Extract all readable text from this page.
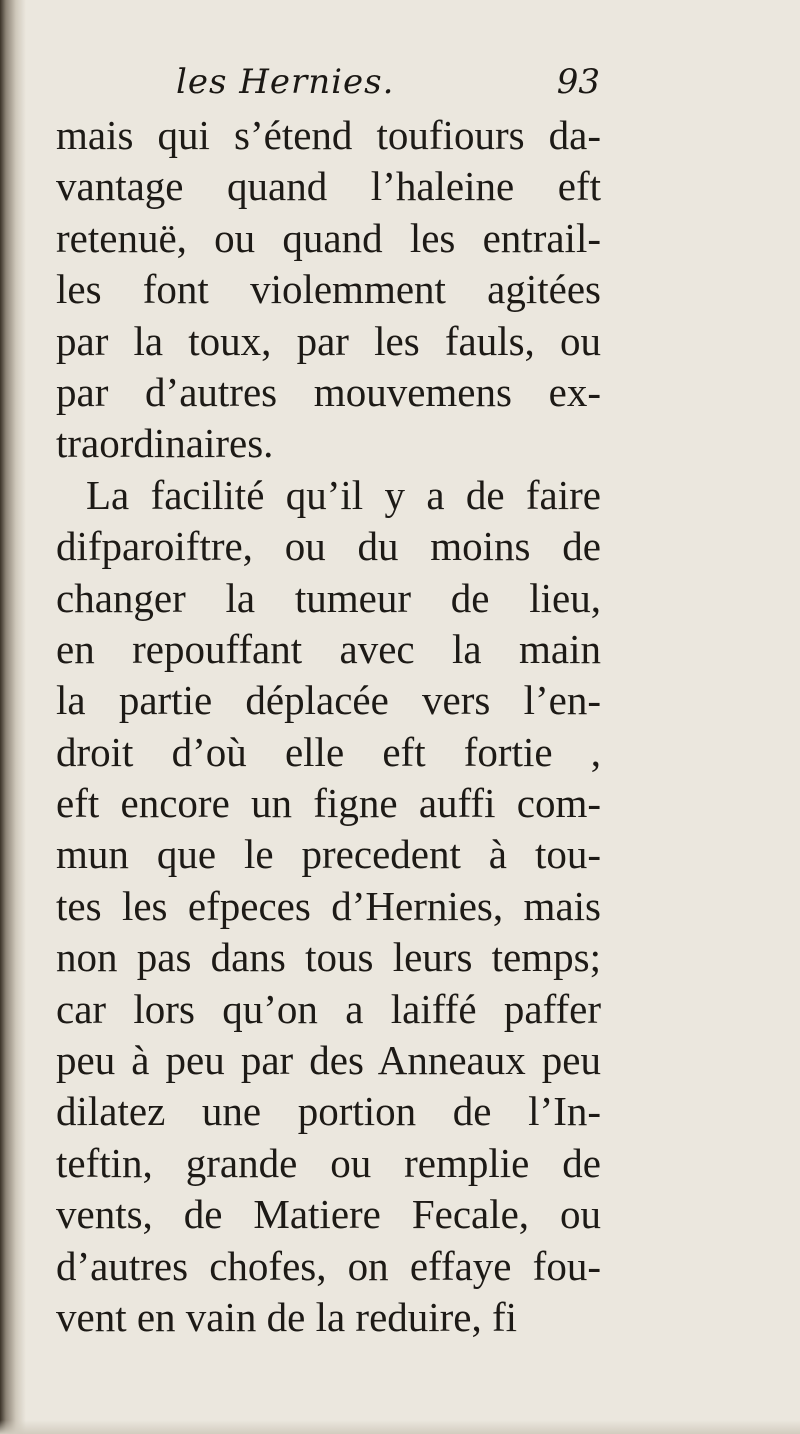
les Hernies.	93
mais qui s’étend toufiours da-
vantage quand l’haleine eft
retenuë, ou quand les entrail-
les font violemment agitées
par la toux, par les fauls, ou
par d’autres mouvemens ex-
traordinaires.
La facilité qu’il y a de faire
difparoiftre, ou du moins de
changer la tumeur de lieu,
en repouffant avec la main
la partie déplacée vers l’en-
droit d’où elle eft fortie ,
eft encore un figne auffi com-
mun que le precedent à tou-
tes les efpeces d’Hernies, mais
non pas dans tous leurs temps;
car lors qu’on a laiffé paffer
peu à peu par des Anneaux peu
dilatez une portion de l’In-
teftin, grande ou remplie de
vents, de Matiere Fecale, ou
d’autres chofes, on effaye fou-
vent en vain de la reduire, fi
